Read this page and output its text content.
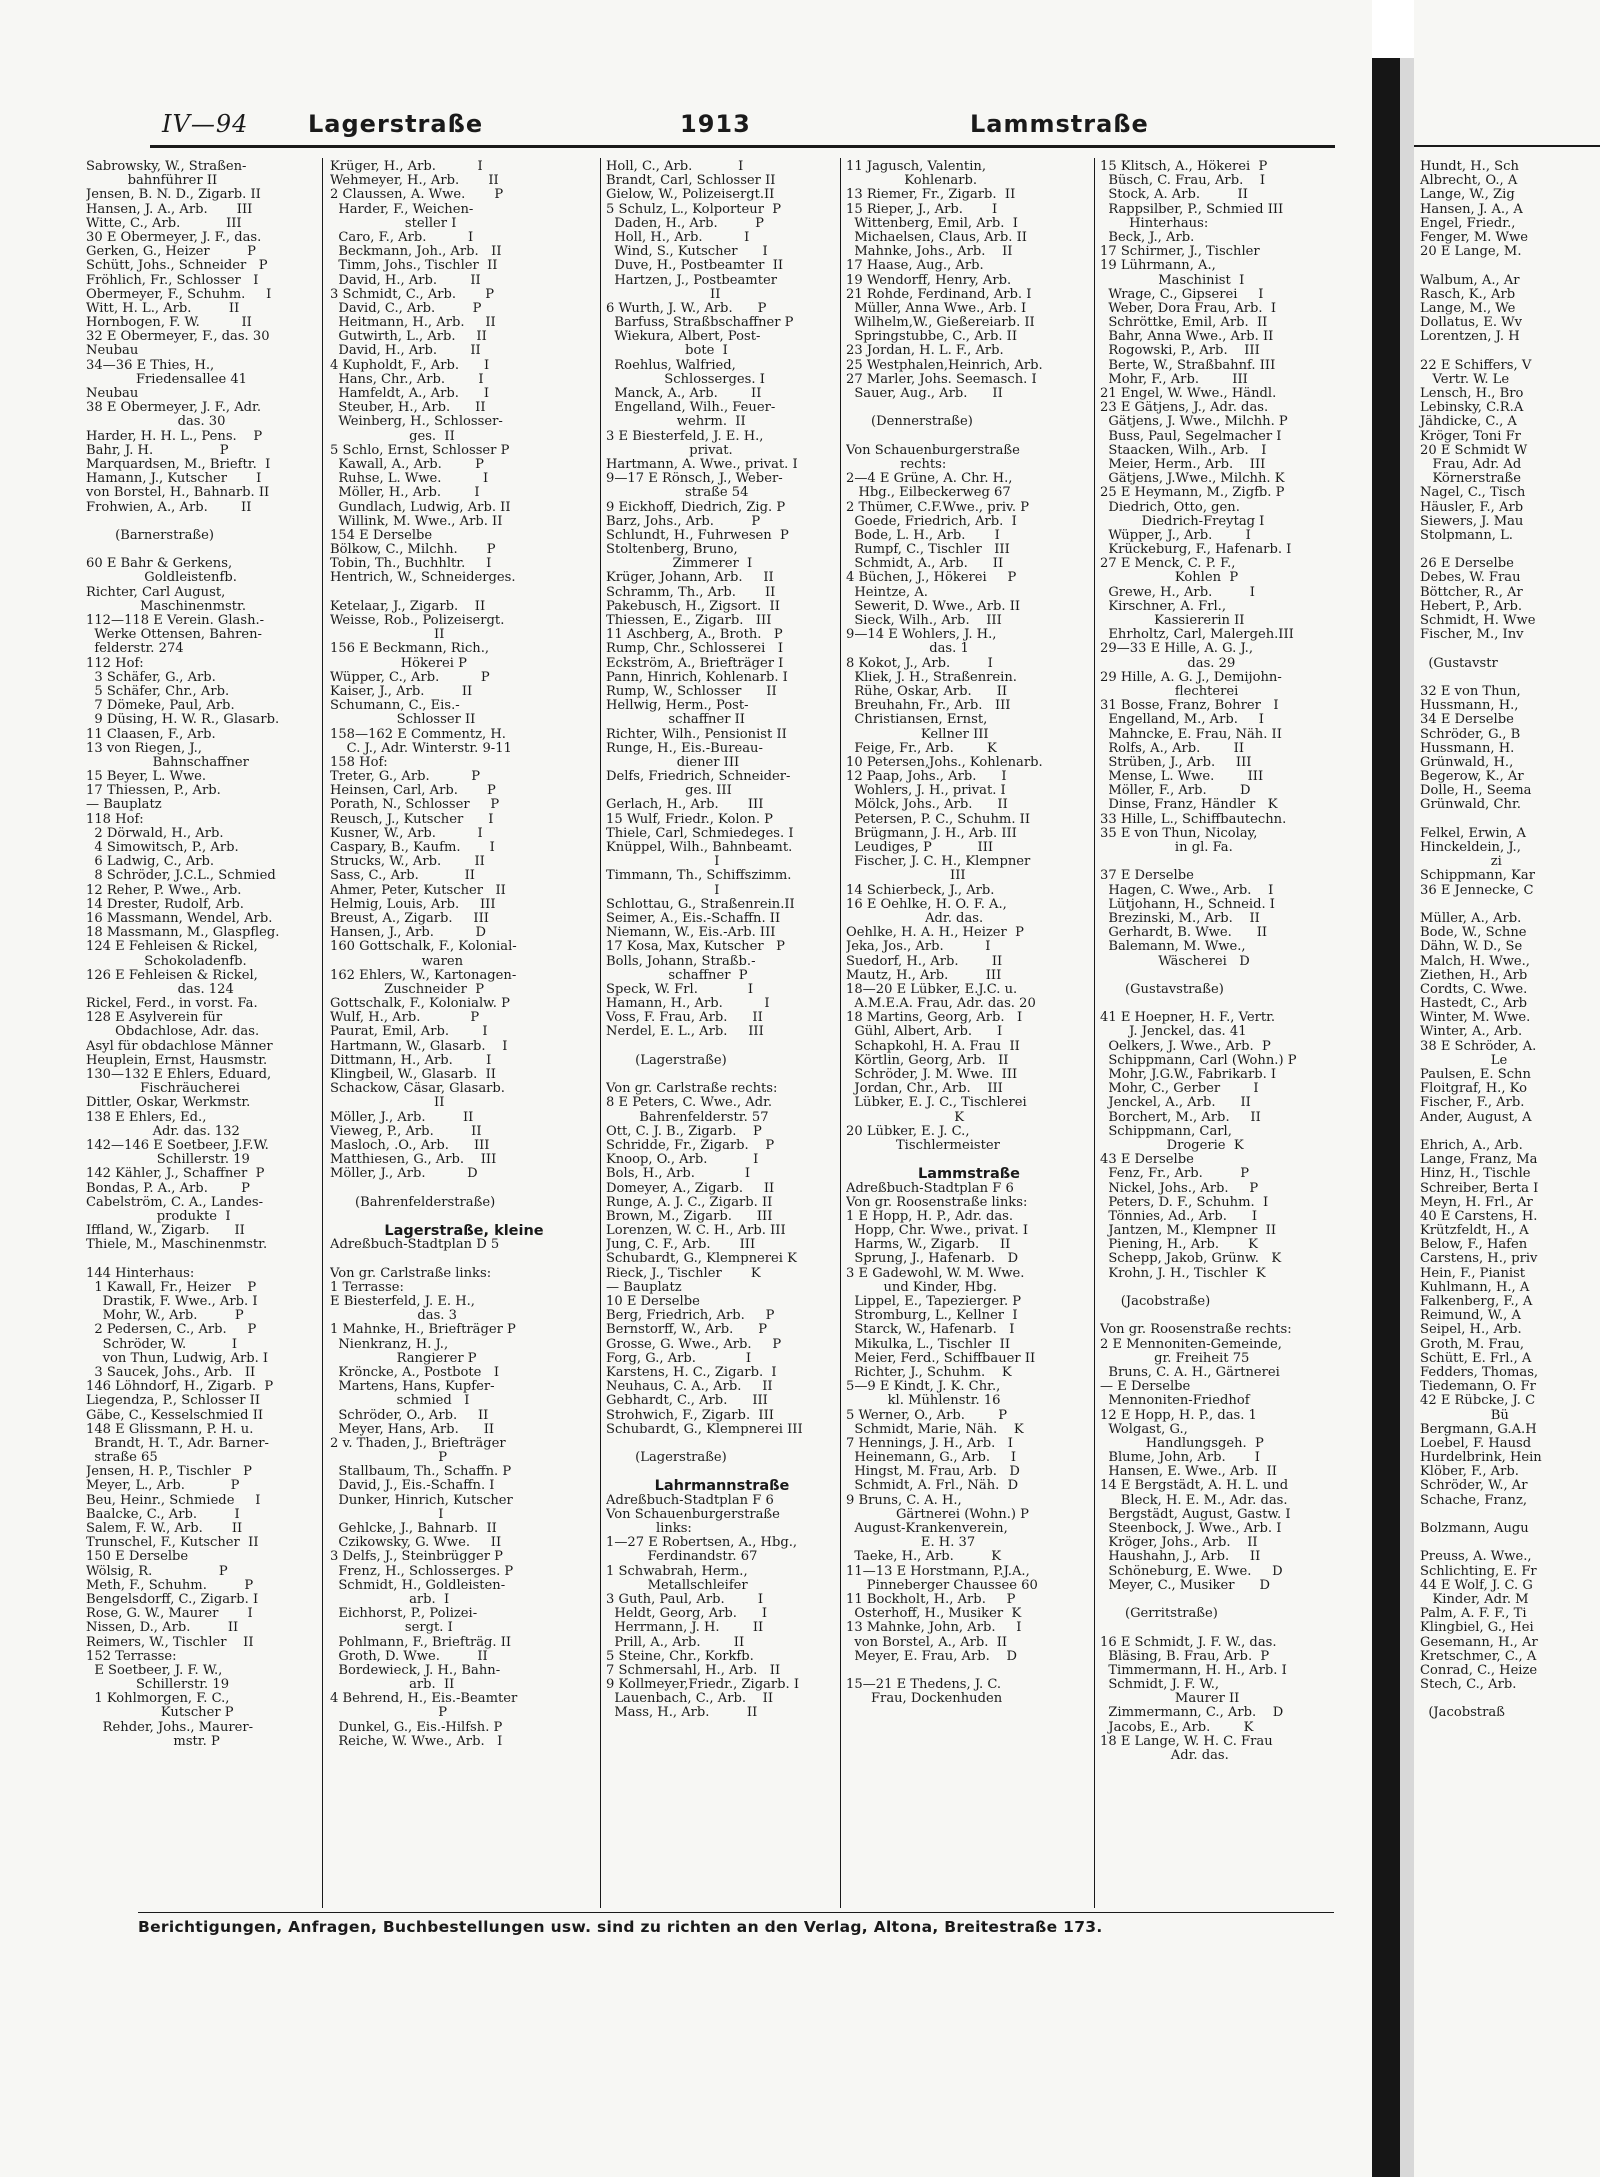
IV—94 Lagerstraße	1913	Lammstraße
Sabrowsky, W., Straßen-
bahnführer II
Jensen, B. N. D., Zigarb. II
Hansen, J. A., Arb.       III
Witte, C., Arb.           III
30 E Obermeyer, J. F., das.
Gerken, G., Heizer         P
Schütt, Johs., Schneider   P
Fröhlich, Fr., Schlosser   I
Obermeyer, F., Schuhm.     I
Witt, H. L., Arb.         II
Hornbogen, F. W.          II
32 E Obermeyer, F., das. 30
Neubau
34—36 E Thies, H.,
Friedensallee 41
Neubau
38 E Obermeyer, J. F., Adr.
das. 30
Harder, H. H. L., Pens.    P
Bahr, J. H.                P
Marquardsen, M., Brieftr.  I
Hamann, J., Kutscher       I
von Borstel, H., Bahnarb. II
Frohwien, A., Arb.        II
(Barnerstraße)
60 E Bahr & Gerkens,
Goldleistenfb.
Richter, Carl August,
Maschinenmstr.
112—118 E Verein. Glash.-
Werke Ottensen, Bahren-
felderstr. 274
112 Hof:
3 Schäfer, G., Arb.
5 Schäfer, Chr., Arb.
7 Dömeke, Paul, Arb.
9 Düsing, H. W. R., Glasarb.
11 Claasen, F., Arb.
13 von Riegen, J.,
Bahnschaffner
15 Beyer, L. Wwe.
17 Thiessen, P., Arb.
— Bauplatz
118 Hof:
2 Dörwald, H., Arb.
4 Simowitsch, P., Arb.
6 Ladwig, C., Arb.
8 Schröder, J.C.L., Schmied
12 Reher, P. Wwe., Arb.
14 Drester, Rudolf, Arb.
16 Massmann, Wendel, Arb.
18 Massmann, M., Glaspfleg.
124 E Fehleisen & Rickel,
Schokoladenfb.
126 E Fehleisen & Rickel,
das. 124
Rickel, Ferd., in vorst. Fa.
128 E Asylverein für
Obdachlose, Adr. das.
Asyl für obdachlose Männer
Heuplein, Ernst, Hausmstr.
130—132 E Ehlers, Eduard,
Fischräucherei
Dittler, Oskar, Werkmstr.
138 E Ehlers, Ed.,
Adr. das. 132
142—146 E Soetbeer, J.F.W.
Schillerstr. 19
142 Kähler, J., Schaffner  P
Bondas, P. A., Arb.        P
Cabelström, C. A., Landes-
produkte  I
Iffland, W., Zigarb.      II
Thiele, M., Maschinenmstr.
144 Hinterhaus:
1 Kawall, Fr., Heizer    P
Drastik, F. Wwe., Arb. I
Mohr, W., Arb.         P
2 Pedersen, C., Arb.     P
Schröder, W.           I
von Thun, Ludwig, Arb. I
3 Saucek, Johs., Arb.   II
146 Löhndorf, H., Zigarb.  P
Liegendza, P., Schlosser II
Gäbe, C., Kesselschmied II
148 E Glissmann, P. H. u.
Brandt, H. T., Adr. Barner-
straße 65
Jensen, H. P., Tischler   P
Meyer, L., Arb.           P
Beu, Heinr., Schmiede     I
Baalcke, C., Arb.         I
Salem, F. W., Arb.       II
Trunschel, F., Kutscher  II
150 E Derselbe
Wölsig, R.                P
Meth, F., Schuhm.         P
Bengelsdorff, C., Zigarb. I
Rose, G. W., Maurer       I
Nissen, D., Arb.         II
Reimers, W., Tischler    II
152 Terrasse:
E Soetbeer, J. F. W.,
Schillerstr. 19
1 Kohlmorgen, F. C.,
Kutscher P
Rehder, Johs., Maurer-
mstr. P
Krüger, H., Arb.          I
Wehmeyer, H., Arb.       II
2 Claussen, A. Wwe.       P
Harder, F., Weichen-
steller I
Caro, F., Arb.          I
Beckmann, Joh., Arb.   II
Timm, Johs., Tischler  II
David, H., Arb.        II
3 Schmidt, C., Arb.       P
David, C., Arb.         P
Heitmann, H., Arb.     II
Gutwirth, L., Arb.     II
David, H., Arb.        II
4 Kupholdt, F., Arb.      I
Hans, Chr., Arb.        I
Hamfeldt, A., Arb.      I
Steuber, H., Arb.      II
Weinberg, H., Schlosser-
ges.  II
5 Schlo, Ernst, Schlosser P
Kawall, A., Arb.        P
Ruhse, L. Wwe.          I
Möller, H., Arb.        I
Gundlach, Ludwig, Arb. II
Willink, M. Wwe., Arb. II
154 E Derselbe
Bölkow, C., Milchh.       P
Tobin, Th., Buchhltr.     I
Hentrich, W., Schneiderges.
Ketelaar, J., Zigarb.    II
Weisse, Rob., Polizeisergt.
II
156 E Beckmann, Rich.,
Hökerei P
Wüpper, C., Arb.          P
Kaiser, J., Arb.         II
Schumann, C., Eis.-
Schlosser II
158—162 E Commentz, H.
C. J., Adr. Winterstr. 9-11
158 Hof:
Treter, G., Arb.          P
Heinsen, Carl, Arb.       P
Porath, N., Schlosser     P
Reusch, J., Kutscher      I
Kusner, W., Arb.          I
Caspary, B., Kaufm.       I
Strucks, W., Arb.        II
Sass, C., Arb.           II
Ahmer, Peter, Kutscher   II
Helmig, Louis, Arb.     III
Breust, A., Zigarb.     III
Hansen, J., Arb.          D
160 Gottschalk, F., Kolonial-
waren
162 Ehlers, W., Kartonagen-
Zuschneider  P
Gottschalk, F., Kolonialw. P
Wulf, H., Arb.            P
Paurat, Emil, Arb.        I
Hartmann, W., Glasarb.    I
Dittmann, H., Arb.        I
Klingbeil, W., Glasarb.  II
Schackow, Cäsar, Glasarb.
II
Möller, J., Arb.         II
Vieweg, P., Arb.         II
Masloch, .O., Arb.      III
Matthiesen, G., Arb.    III
Möller, J., Arb.          D
(Bahrenfelderstraße)
Lagerstraße, kleine
Adreßbuch-Stadtplan D 5
Von gr. Carlstraße links:
1 Terrasse:
E Biesterfeld, J. E. H.,
das. 3
1 Mahnke, H., Briefträger P
Nienkranz, H. J.,
Rangierer P
Kröncke, A., Postbote   I
Martens, Hans, Kupfer-
schmied   I
Schröder, O., Arb.     II
Meyer, Hans, Arb.      II
2 v. Thaden, J., Briefträger
P
Stallbaum, Th., Schaffn. P
David, J., Eis.-Schaffn. I
Dunker, Hinrich, Kutscher
I
Gehlcke, J., Bahnarb.  II
Czikowsky, G. Wwe.     II
3 Delfs, J., Steinbrügger P
Frenz, H., Schlosserges. P
Schmidt, H., Goldleisten-
arb.  I
Eichhorst, P., Polizei-
sergt. I
Pohlmann, F., Briefträg. II
Groth, D. Wwe.         II
Bordewieck, J. H., Bahn-
arb.  II
4 Behrend, H., Eis.-Beamter
P
Dunkel, G., Eis.-Hilfsh. P
Reiche, W. Wwe., Arb.   I
Holl, C., Arb.           I
Brandt, Carl, Schlosser II
Gielow, W., Polizeisergt.II
5 Schulz, L., Kolporteur  P
Daden, H., Arb.         P
Holl, H., Arb.          I
Wind, S., Kutscher      I
Duve, H., Postbeamter  II
Hartzen, J., Postbeamter
II
6 Wurth, J. W., Arb.      P
Barfuss, Straßbschaffner P
Wiekura, Albert, Post-
bote  I
Roehlus, Walfried,
Schlosserges. I
Manck, A., Arb.        II
Engelland, Wilh., Feuer-
wehrm.  II
3 E Biesterfeld, J. E. H.,
privat.
Hartmann, A. Wwe., privat. I
9—17 E Rönsch, J., Weber-
straße 54
9 Eickhoff, Diedrich, Zig. P
Barz, Johs., Arb.         P
Schlundt, H., Fuhrwesen  P
Stoltenberg, Bruno,
Zimmerer  I
Krüger, Johann, Arb.     II
Schramm, Th., Arb.       II
Pakebusch, H., Zigsort.  II
Thiessen, E., Zigarb.   III
11 Aschberg, A., Broth.   P
Rump, Chr., Schlosserei   I
Eckström, A., Briefträger I
Pann, Hinrich, Kohlenarb. I
Rump, W., Schlosser      II
Hellwig, Herm., Post-
schaffner II
Richter, Wilh., Pensionist II
Runge, H., Eis.-Bureau-
diener III
Delfs, Friedrich, Schneider-
ges. III
Gerlach, H., Arb.       III
15 Wulf, Friedr., Kolon. P
Thiele, Carl, Schmiedeges. I
Knüppel, Wilh., Bahnbeamt.
I
Timmann, Th., Schiffszimm.
I
Schlottau, G., Straßenrein.II
Seimer, A., Eis.-Schaffn. II
Niemann, W., Eis.-Arb. III
17 Kosa, Max, Kutscher   P
Bolls, Johann, Straßb.-
schaffner  P
Speck, W. Frl.            I
Hamann, H., Arb.          I
Voss, F. Frau, Arb.      II
Nerdel, E. L., Arb.     III
(Lagerstraße)
Von gr. Carlstraße rechts:
8 E Peters, C. Wwe., Adr.
Bahrenfelderstr. 57
Ott, C. J. B., Zigarb.    P
Schridde, Fr., Zigarb.    P
Knoop, O., Arb.           I
Bols, H., Arb.            I
Domeyer, A., Zigarb.     II
Runge, A. J. C., Zigarb. II
Brown, M., Zigarb.      III
Lorenzen, W. C. H., Arb. III
Jung, C. F., Arb.       III
Schubardt, G., Klempnerei K
Rieck, J., Tischler       K
— Bauplatz
10 E Derselbe
Berg, Friedrich, Arb.     P
Bernstorff, W., Arb.      P
Grosse, G. Wwe., Arb.     P
Forg, G., Arb.            I
Karstens, H. C., Zigarb.  I
Neuhaus, C. A., Arb.     II
Gebhardt, C., Arb.      III
Strohwich, F., Zigarb.  III
Schubardt, G., Klempnerei III
(Lagerstraße)
Lahrmannstraße
Adreßbuch-Stadtplan F 6
Von Schauenburgerstraße
links:
1—27 E Robertsen, A., Hbg.,
Ferdinandstr. 67
1 Schwabrah, Herm.,
Metallschleifer
3 Guth, Paul, Arb.        I
Heldt, Georg, Arb.      I
Herrmann, J. H.        II
Prill, A., Arb.        II
5 Steine, Chr., Korkfb.
7 Schmersahl, H., Arb.   II
9 Kollmeyer,Friedr., Zigarb. I
Lauenbach, C., Arb.    II
Mass, H., Arb.         II
11 Jagusch, Valentin,
Kohlenarb.
13 Riemer, Fr., Zigarb.  II
15 Rieper, J., Arb.       I
Wittenberg, Emil, Arb.  I
Michaelsen, Claus, Arb. II
Mahnke, Johs., Arb.    II
17 Haase, Aug., Arb.
19 Wendorff, Henry, Arb.
21 Rohde, Ferdinand, Arb. I
Müller, Anna Wwe., Arb. I
Wilhelm,W., Gießereiarb. II
Springstubbe, C., Arb. II
23 Jordan, H. L. F., Arb.
25 Westphalen,Heinrich, Arb.
27 Marler, Johs. Seemasch. I
Sauer, Aug., Arb.      II
(Dennerstraße)
Von Schauenburgerstraße
rechts:
2—4 E Grüne, A. Chr. H.,
Hbg., Eilbeckerweg 67
2 Thümer, C.F.Wwe., priv. P
Goede, Friedrich, Arb.  I
Bode, L. H., Arb.       I
Rumpf, C., Tischler   III
Schmidt, A., Arb.      II
4 Büchen, J., Hökerei     P
Heintze, A.
Sewerit, D. Wwe., Arb. II
Sieck, Wilh., Arb.    III
9—14 E Wohlers, J. H.,
das. 1
8 Kokot, J., Arb.         I
Kliek, J. H., Straßenrein.
Rühe, Oskar, Arb.      II
Breuhahn, Fr., Arb.   III
Christiansen, Ernst,
Kellner III
Feige, Fr., Arb.        K
10 Petersen,Johs., Kohlenarb.
12 Paap, Johs., Arb.      I
Wohlers, J. H., privat. I
Mölck, Johs., Arb.      II
Petersen, P. C., Schuhm. II
Brügmann, J. H., Arb. III
Leudiges, P           III
Fischer, J. C. H., Klempner
III
14 Schierbeck, J., Arb.
16 E Oehlke, H. O. F. A.,
Adr. das.
Oehlke, H. A. H., Heizer  P
Jeka, Jos., Arb.          I
Suedorf, H., Arb.        II
Mautz, H., Arb.         III
18—20 E Lübker, E.J.C. u.
A.M.E.A. Frau, Adr. das. 20
18 Martins, Georg, Arb.   I
Gühl, Albert, Arb.      I
Schapkohl, H. A. Frau  II
Körtlin, Georg, Arb.   II
Schröder, J. M. Wwe.  III
Jordan, Chr., Arb.    III
Lübker, E. J. C., Tischlerei
K
20 Lübker, E. J. C.,
Tischlermeister
Lammstraße
Adreßbuch-Stadtplan F 6
Von gr. Roosenstraße links:
1 E Hopp, H. P., Adr. das.
Hopp, Chr. Wwe., privat. I
Harms, W., Zigarb.     II
Sprung, J., Hafenarb.   D
3 E Gadewohl, W. M. Wwe.
und Kinder, Hbg.
Lippel, E., Tapezierger. P
Stromburg, L., Kellner  I
Starck, W., Hafenarb.   I
Mikulka, L., Tischler  II
Meier, Ferd., Schiffbauer II
Richter, J., Schuhm.    K
5—9 E Kindt, J. K. Chr.,
kl. Mühlenstr. 16
5 Werner, O., Arb.        P
Schmidt, Marie, Näh.    K
7 Hennings, J. H., Arb.   I
Heinemann, G., Arb.     I
Hingst, M. Frau, Arb.   D
Schmidt, A. Frl., Näh.  D
9 Bruns, C. A. H.,
Gärtnerei (Wohn.) P
August-Krankenverein,
E. H. 37
Taeke, H., Arb.         K
11—13 E Horstmann, P.J.A.,
Pinneberger Chaussee 60
11 Bockholt, H., Arb.     P
Osterhoff, H., Musiker  K
13 Mahnke, John, Arb.     I
von Borstel, A., Arb.  II
Meyer, E. Frau, Arb.    D
15—21 E Thedens, J. C.
Frau, Dockenhuden
15 Klitsch, A., Hökerei  P
Büsch, C. Frau, Arb.    I
Stock, A. Arb.         II
Rappsilber, P., Schmied III
Hinterhaus:
Beck, J., Arb.
17 Schirmer, J., Tischler
19 Lührmann, A.,
Maschinist  I
Wrage, C., Gipserei     I
Weber, Dora Frau, Arb.  I
Schröttke, Emil, Arb.  II
Bahr, Anna Wwe., Arb. II
Rogowski, P., Arb.    III
Berte, W., Straßbahnf. III
Mohr, F., Arb.        III
21 Engel, W. Wwe., Händl.
23 E Gätjens, J., Adr. das.
Gätjens, J. Wwe., Milchh. P
Buss, Paul, Segelmacher I
Staacken, Wilh., Arb.   I
Meier, Herm., Arb.    III
Gätjens, J.Wwe., Milchh. K
25 E Heymann, M., Zigfb. P
Diedrich, Otto, gen.
Diedrich-Freytag I
Wüpper, J., Arb.        I
Krückeburg, F., Hafenarb. I
27 E Menck, C. P. F.,
Kohlen  P
Grewe, H., Arb.         I
Kirschner, A. Frl.,
Kassiererin II
Ehrholtz, Carl, Malergeh.III
29—33 E Hille, A. G. J.,
das. 29
29 Hille, A. G. J., Demijohn-
flechterei
31 Bosse, Franz, Bohrer   I
Engelland, M., Arb.     I
Mahncke, E. Frau, Näh. II
Rolfs, A., Arb.        II
Strüben, J., Arb.     III
Mense, L. Wwe.        III
Möller, F., Arb.        D
Dinse, Franz, Händler   K
33 Hille, L., Schiffbautechn.
35 E von Thun, Nicolay,
in gl. Fa.
37 E Derselbe
Hagen, C. Wwe., Arb.    I
Lütjohann, H., Schneid. I
Brezinski, M., Arb.    II
Gerhardt, B. Wwe.      II
Balemann, M. Wwe.,
Wäscherei   D
(Gustavstraße)
41 E Hoepner, H. F., Vertr.
J. Jenckel, das. 41
Oelkers, J. Wwe., Arb.  P
Schippmann, Carl (Wohn.) P
Mohr, J.G.W., Fabrikarb. I
Mohr, C., Gerber        I
Jenckel, A., Arb.      II
Borchert, M., Arb.     II
Schippmann, Carl,
Drogerie  K
43 E Derselbe
Fenz, Fr., Arb.         P
Nickel, Johs., Arb.     P
Peters, D. F., Schuhm.  I
Tönnies, Ad., Arb.      I
Jantzen, M., Klempner  II
Piening, H., Arb.       K
Schepp, Jakob, Grünw.   K
Krohn, J. H., Tischler  K
(Jacobstraße)
Von gr. Roosenstraße rechts:
2 E Mennoniten-Gemeinde,
gr. Freiheit 75
Bruns, C. A. H., Gärtnerei
— E Derselbe
Mennoniten-Friedhof
12 E Hopp, H. P., das. 1
Wolgast, G.,
Handlungsgeh.  P
Blume, John, Arb.       I
Hansen, E. Wwe., Arb.  II
14 E Bergstädt, A. H. L. und
Bleck, H. E. M., Adr. das.
Bergstädt, August, Gastw. I
Steenbock, J. Wwe., Arb. I
Kröger, Johs., Arb.    II
Haushahn, J., Arb.     II
Schöneburg, E. Wwe.     D
Meyer, C., Musiker      D
(Gerritstraße)
16 E Schmidt, J. F. W., das.
Bläsing, B. Frau, Arb.  P
Timmermann, H. H., Arb. I
Schmidt, J. F. W.,
Maurer II
Zimmermann, C., Arb.    D
Jacobs, E., Arb.        K
18 E Lange, W. H. C. Frau
Adr. das.
Berichtigungen, Anfragen, Buchbestellungen usw. sind zu richten an den Verlag, Altona, Breitestraße 173.
Hundt, H., Sch
Albrecht, O., A
Lange, W., Zig
Hansen, J. A., A
Engel, Friedr.,
Fenger, M. Wwe
20 E Lange, M.
Walbum, A., Ar
Rasch, K., Arb
Lange, M., We
Dollatus, E. Wv
Lorentzen, J. H
22 E Schiffers, V
Vertr. W. Le
Lensch, H., Bro
Lebinsky, C.R.A
Jähdicke, C., A
Kröger, Toni Fr
20 E Schmidt W
Frau, Adr. Ad
Körnerstraße
Nagel, C., Tisch
Häusler, F., Arb
Siewers, J. Mau
Stolpmann, L.
26 E Derselbe
Debes, W. Frau
Böttcher, R., Ar
Hebert, P., Arb.
Schmidt, H. Wwe
Fischer, M., Inv
(Gustavstr
32 E von Thun,
Hussmann, H.,
34 E Derselbe
Schröder, G., B
Hussmann, H.
Grünwald, H.,
Begerow, K., Ar
Dolle, H., Seema
Grünwald, Chr.
Felkel, Erwin, A
Hinckeldein, J.,
zi
Schippmann, Kar
36 E Jennecke, C
Müller, A., Arb.
Bode, W., Schne
Dähn, W. D., Se
Malch, H. Wwe.,
Ziethen, H., Arb
Cordts, C. Wwe.
Hastedt, C., Arb
Winter, M. Wwe.
Winter, A., Arb.
38 E Schröder, A.
Le
Paulsen, E. Schn
Floitgraf, H., Ko
Fischer, F., Arb.
Ander, August, A
Ehrich, A., Arb.
Lange, Franz, Ma
Hinz, H., Tischle
Schreiber, Berta I
Meyn, H. Frl., Ar
40 E Carstens, H.
Krützfeldt, H., A
Below, F., Hafen
Carstens, H., priv
Hein, F., Pianist
Kuhlmann, H., A
Falkenberg, F., A
Reimund, W., A
Seipel, H., Arb.
Groth, M. Frau,
Schütt, E. Frl., A
Fedders, Thomas,
Tiedemann, O. Fr
42 E Rübcke, J. C
Bü
Bergmann, G.A.H
Loebel, F. Hausd
Hurdelbrink, Hein
Klöber, F., Arb.
Schröder, W., Ar
Schache, Franz,
Bolzmann, Augu
Preuss, A. Wwe.,
Schlichting, E. Fr
44 E Wolf, J. C. G
Kinder, Adr. M
Palm, A. F. F., Ti
Klingbiel, G., Hei
Gesemann, H., Ar
Kretschmer, C., A
Conrad, C., Heize
Stech, C., Arb.
(Jacobstraß
